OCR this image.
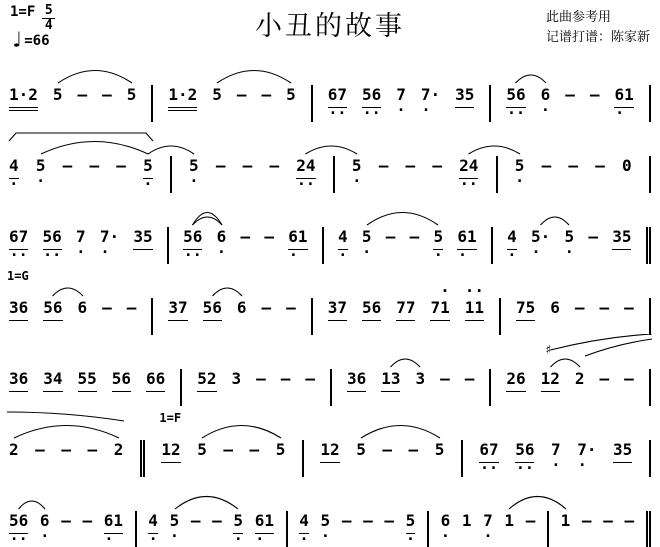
$1=F \frac{5}{4}$
♩ =66	小丑的故事	此曲参考用
记谱打谱：陈家新

1·2
5
–
–
5
1·2
5
–
–
5
67
··

56
··

7
·

7·
·

35
56
··

6
·

–
–
61
·

4
·

5
·

–
–
–
5
·

5
·

–
–
–
24
··

5
·

–
–
–
24
··

5
·

–
–
–
0

67
··

56
··

7
·

7·
·

35
56
··

6
·

–
–
61
·

4
·

5
·

–
–
5
·

61
·

4
·

5·
·

5
·

–
35
1=G

36
56
6
–
–
37
56
6
–
–
37
56
77
·
71
··
11
75
6
–
–
–

36
34
55
56
66
52
3
–
–
–
36
13
3
–
–
26
♯

12
2
–
–

2
–
–
–
2
1=F

12
5
–
–
5
12
5
–
–
5
67
··

56
··

7
·

7·
·

35

56
··

6
·

–
–
61
·

4
·

5
·

–
–
5
·

61
·

4
·

5
·

–
–
–
5
·

6
·

1
7
·

1
–
1
–
–
–
